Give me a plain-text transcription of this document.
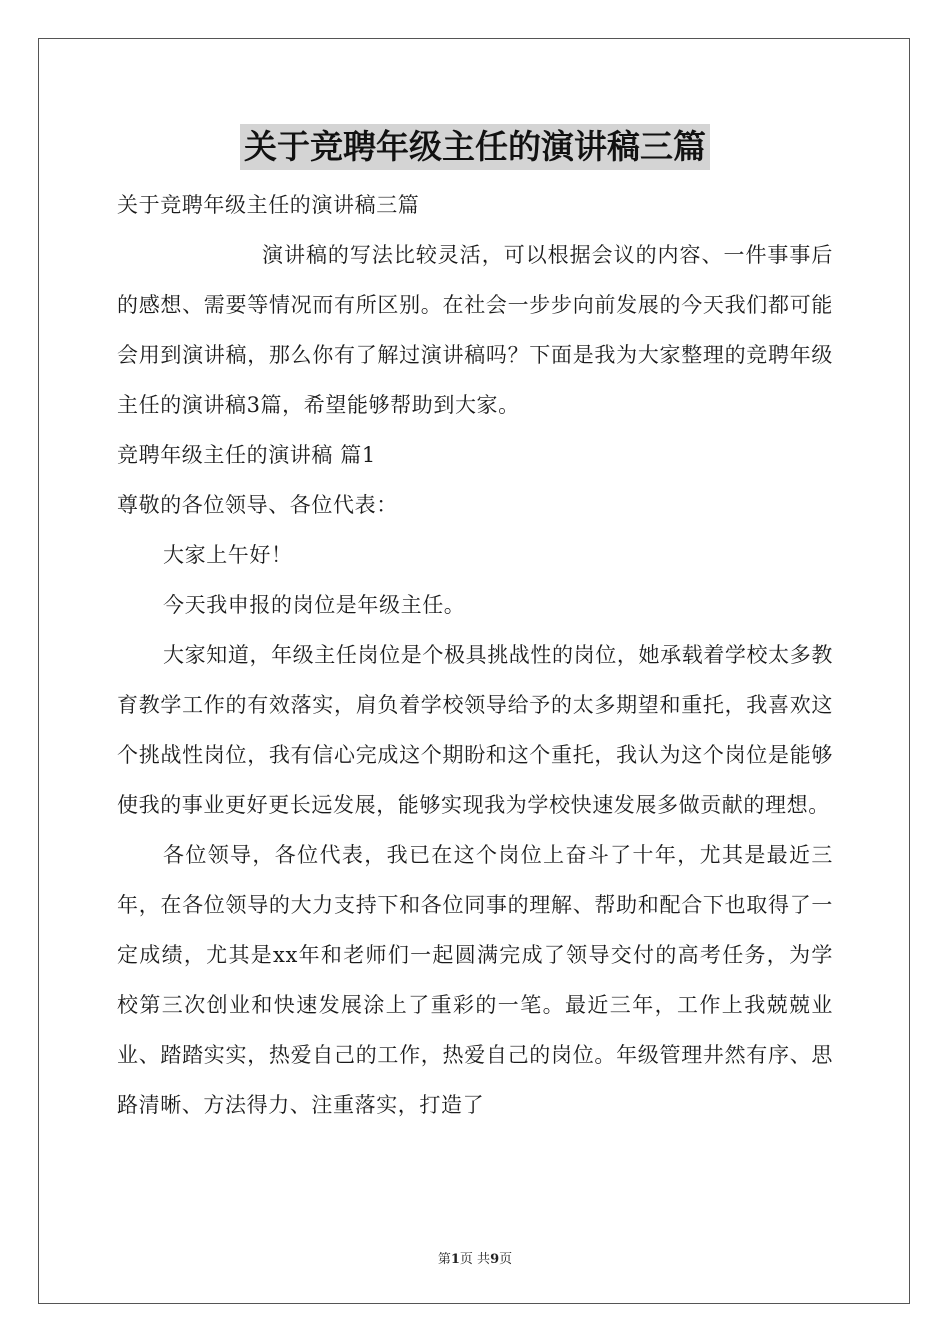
关于竞聘年级主任的演讲稿三篇

关于竞聘年级主任的演讲稿三篇

演讲稿的写法比较灵活，可以根据会议的内容、一件事事后的感想、需要等情况而有所区别。在社会一步步向前发展的今天我们都可能会用到演讲稿，那么你有了解过演讲稿吗？下面是我为大家整理的竞聘年级主任的演讲稿3篇，希望能够帮助到大家。

竞聘年级主任的演讲稿 篇1

尊敬的各位领导、各位代表：

大家上午好！

今天我申报的岗位是年级主任。

大家知道，年级主任岗位是个极具挑战性的岗位，她承载着学校太多教育教学工作的有效落实，肩负着学校领导给予的太多期望和重托，我喜欢这个挑战性岗位，我有信心完成这个期盼和这个重托，我认为这个岗位是能够使我的事业更好更长远发展，能够实现我为学校快速发展多做贡献的理想。

各位领导，各位代表，我已在这个岗位上奋斗了十年，尤其是最近三年，在各位领导的大力支持下和各位同事的理解、帮助和配合下也取得了一定成绩，尤其是xx年和老师们一起圆满完成了领导交付的高考任务，为学校第三次创业和快速发展涂上了重彩的一笔。最近三年，工作上我兢兢业业、踏踏实实，热爱自己的工作，热爱自己的岗位。年级管理井然有序、思路清晰、方法得力、注重落实，打造了

第1页 共9页
